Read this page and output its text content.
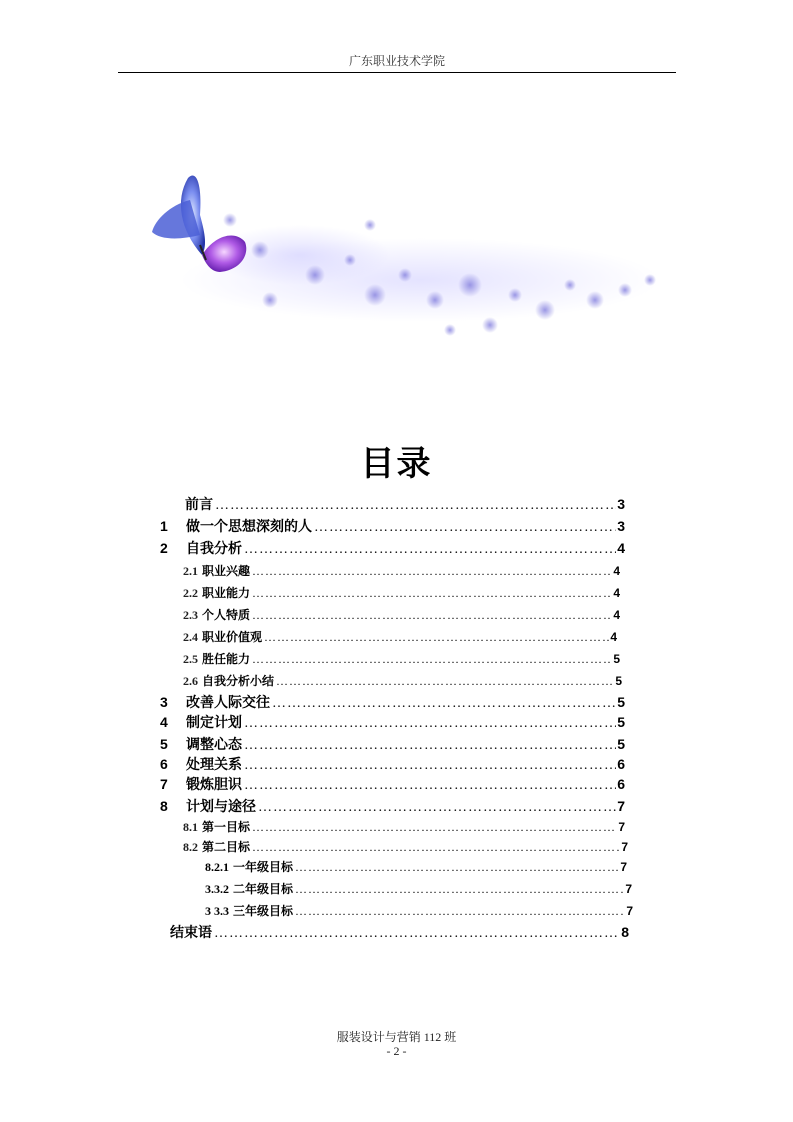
广东职业技术学院
目录
前言 ………………………………………………………………………………………………………………………………………………………………………………………………………	3
1	做一个思想深刻的人 ………………………………………………………………………………………………………………………………………………………………………………………………………	3
2	自我分析 ………………………………………………………………………………………………………………………………………………………………………………………………………	4
2.1 职业兴趣 ………………………………………………………………………………………………………………………………………………………………………………………………………	4
2.2 职业能力 ………………………………………………………………………………………………………………………………………………………………………………………………………	4
2.3 个人特质 ………………………………………………………………………………………………………………………………………………………………………………………………………	4
2.4 职业价值观 ………………………………………………………………………………………………………………………………………………………………………………………………………	4
2.5 胜任能力 ………………………………………………………………………………………………………………………………………………………………………………………………………	5
2.6 自我分析小结 ………………………………………………………………………………………………………………………………………………………………………………………………………	5
3	改善人际交往 ………………………………………………………………………………………………………………………………………………………………………………………………………	5
4	制定计划 ………………………………………………………………………………………………………………………………………………………………………………………………………	5
5	调整心态 ………………………………………………………………………………………………………………………………………………………………………………………………………	5
6	处理关系 ………………………………………………………………………………………………………………………………………………………………………………………………………	6
7	锻炼胆识 ………………………………………………………………………………………………………………………………………………………………………………………………………	6
8	计划与途径 ………………………………………………………………………………………………………………………………………………………………………………………………………	7
8.1 第一目标 ………………………………………………………………………………………………………………………………………………………………………………………………………	7
8.2 第二目标 ………………………………………………………………………………………………………………………………………………………………………………………………………	7
8.2.1 一年级目标 ………………………………………………………………………………………………………………………………………………………………………………………………………	7
3.3.2 二年级目标 ………………………………………………………………………………………………………………………………………………………………………………………………………	7
3 3.3 三年级目标 ………………………………………………………………………………………………………………………………………………………………………………………………………	7
结束语 ………………………………………………………………………………………………………………………………………………………………………………………………………	8
服装设计与营销 112 班
- 2 -
